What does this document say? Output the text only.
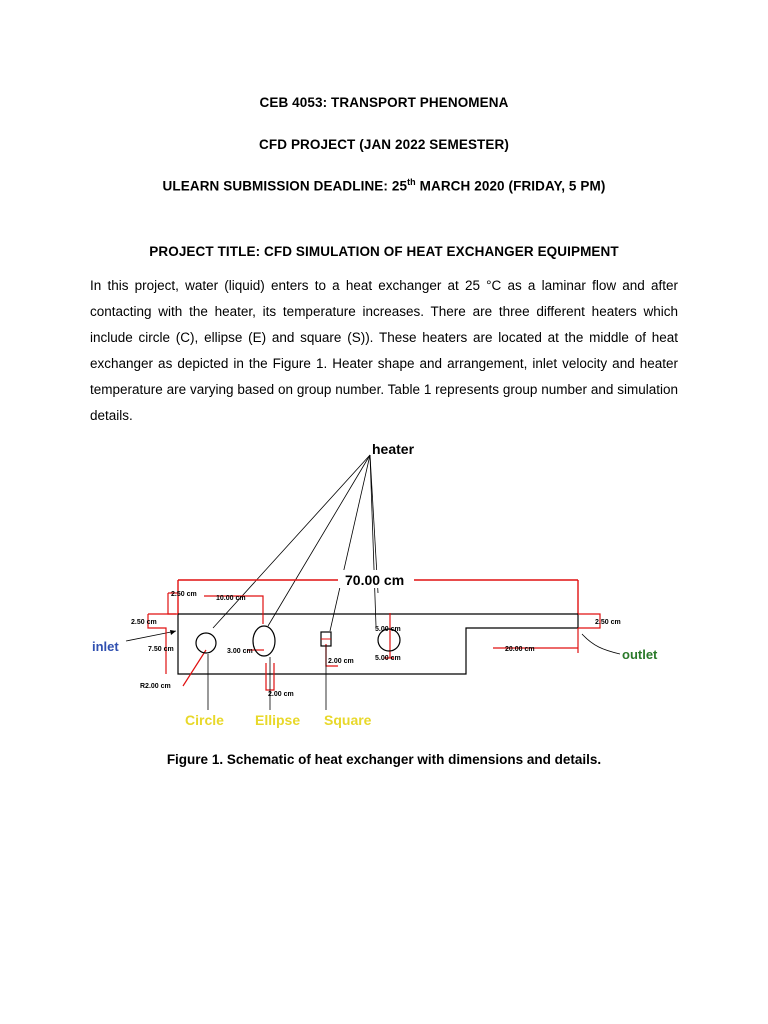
CEB 4053: TRANSPORT PHENOMENA
CFD PROJECT (JAN 2022 SEMESTER)
ULEARN SUBMISSION DEADLINE: 25th MARCH 2020 (FRIDAY, 5 PM)
PROJECT TITLE: CFD SIMULATION OF HEAT EXCHANGER EQUIPMENT
In this project, water (liquid) enters to a heat exchanger at 25 °C as a laminar flow and after contacting with the heater, its temperature increases. There are three different heaters which include circle (C), ellipse (E) and square (S)). These heaters are located at the middle of heat exchanger as depicted in the Figure 1. Heater shape and arrangement, inlet velocity and heater temperature are varying based on group number. Table 1 represents group number and simulation details.
heater
70.00 cm
inlet
outlet
Circle Ellipse Square
2.50 cm
10.00 cm
2.50 cm
7.50 cm
R2.00 cm
3.00 cm
2.00 cm
2.00 cm
5.00 cm
5.00 cm
20.00 cm
2.50 cm
Figure 1. Schematic of heat exchanger with dimensions and details.
